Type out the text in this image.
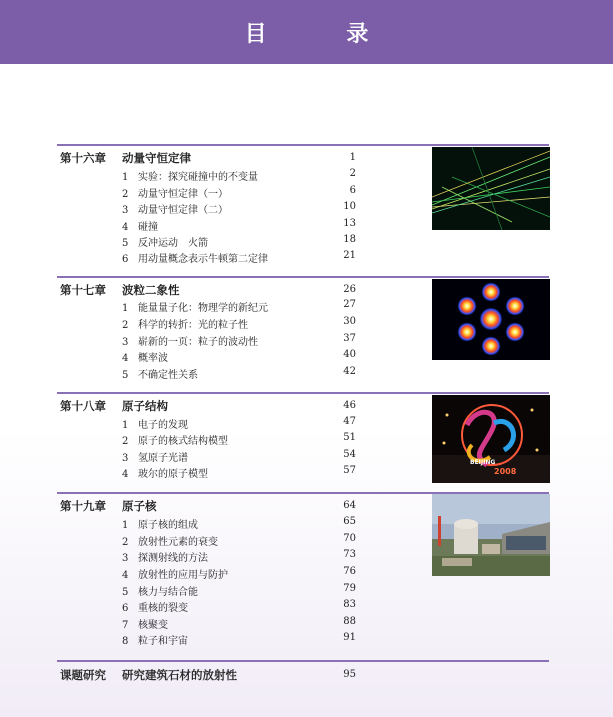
目 录
第十六章 动量守恒定律	1
1 实验：探究碰撞中的不变量	2
2 动量守恒定律（一）	6
3 动量守恒定律（二）	10
4 碰撞	13
5 反冲运动　火箭	18
6 用动量概念表示牛顿第二定律	21
第十七章 波粒二象性	26
1 能量量子化：物理学的新纪元	27
2 科学的转折：光的粒子性	30
3 崭新的一页：粒子的波动性	37
4 概率波	40
5 不确定性关系	42
第十八章 原子结构	46
1 电子的发现	47
2 原子的核式结构模型	51
3 氢原子光谱	54
4 玻尔的原子模型	57
BEIJING
2008
第十九章 原子核	64
1 原子核的组成	65
2 放射性元素的衰变	70
3 探测射线的方法	73
4 放射性的应用与防护	76
5 核力与结合能	79
6 重核的裂变	83
7 核聚变	88
8 粒子和宇宙	91
课题研究 研究建筑石材的放射性	95
